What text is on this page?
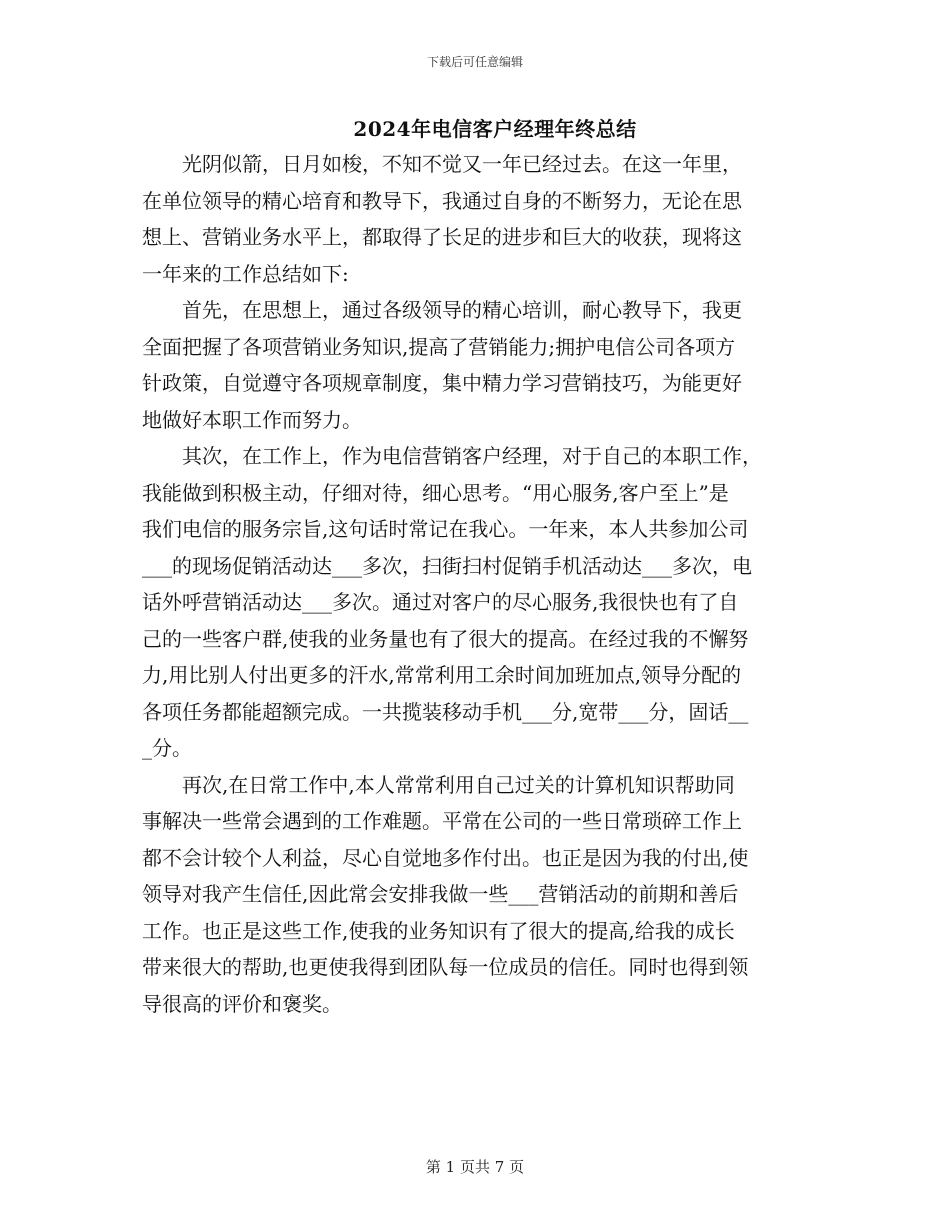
下载后可任意编辑
2024年电信客户经理年终总结

　　光阴似箭，日月如梭，不知不觉又一年已经过去。在这一年里，

在单位领导的精心培育和教导下，我通过自身的不断努力，无论在思

想上、营销业务水平上，都取得了长足的进步和巨大的收获，现将这

一年来的工作总结如下:

　　首先，在思想上，通过各级领导的精心培训，耐心教导下，我更

全面把握了各项营销业务知识,提高了营销能力;拥护电信公司各项方

针政策，自觉遵守各项规章制度，集中精力学习营销技巧，为能更好

地做好本职工作而努力。

　　其次，在工作上，作为电信营销客户经理，对于自己的本职工作，

我能做到积极主动，仔细对待，细心思考。“用心服务,客户至上”是

我们电信的服务宗旨,这句话时常记在我心。一年来，本人共参加公司

___的现场促销活动达___多次，扫街扫村促销手机活动达___多次，电

话外呼营销活动达___多次。通过对客户的尽心服务,我很快也有了自

己的一些客户群,使我的业务量也有了很大的提高。在经过我的不懈努

力,用比别人付出更多的汗水,常常利用工余时间加班加点,领导分配的

各项任务都能超额完成。一共揽装移动手机___分,宽带___分，固话__

_分。

　　再次,在日常工作中,本人常常利用自己过关的计算机知识帮助同

事解决一些常会遇到的工作难题。平常在公司的一些日常琐碎工作上

都不会计较个人利益，尽心自觉地多作付出。也正是因为我的付出,使

领导对我产生信任,因此常会安排我做一些___营销活动的前期和善后

工作。也正是这些工作,使我的业务知识有了很大的提高,给我的成长

带来很大的帮助,也更使我得到团队每一位成员的信任。同时也得到领

导很高的评价和褒奖。

第 1 页共 7 页
